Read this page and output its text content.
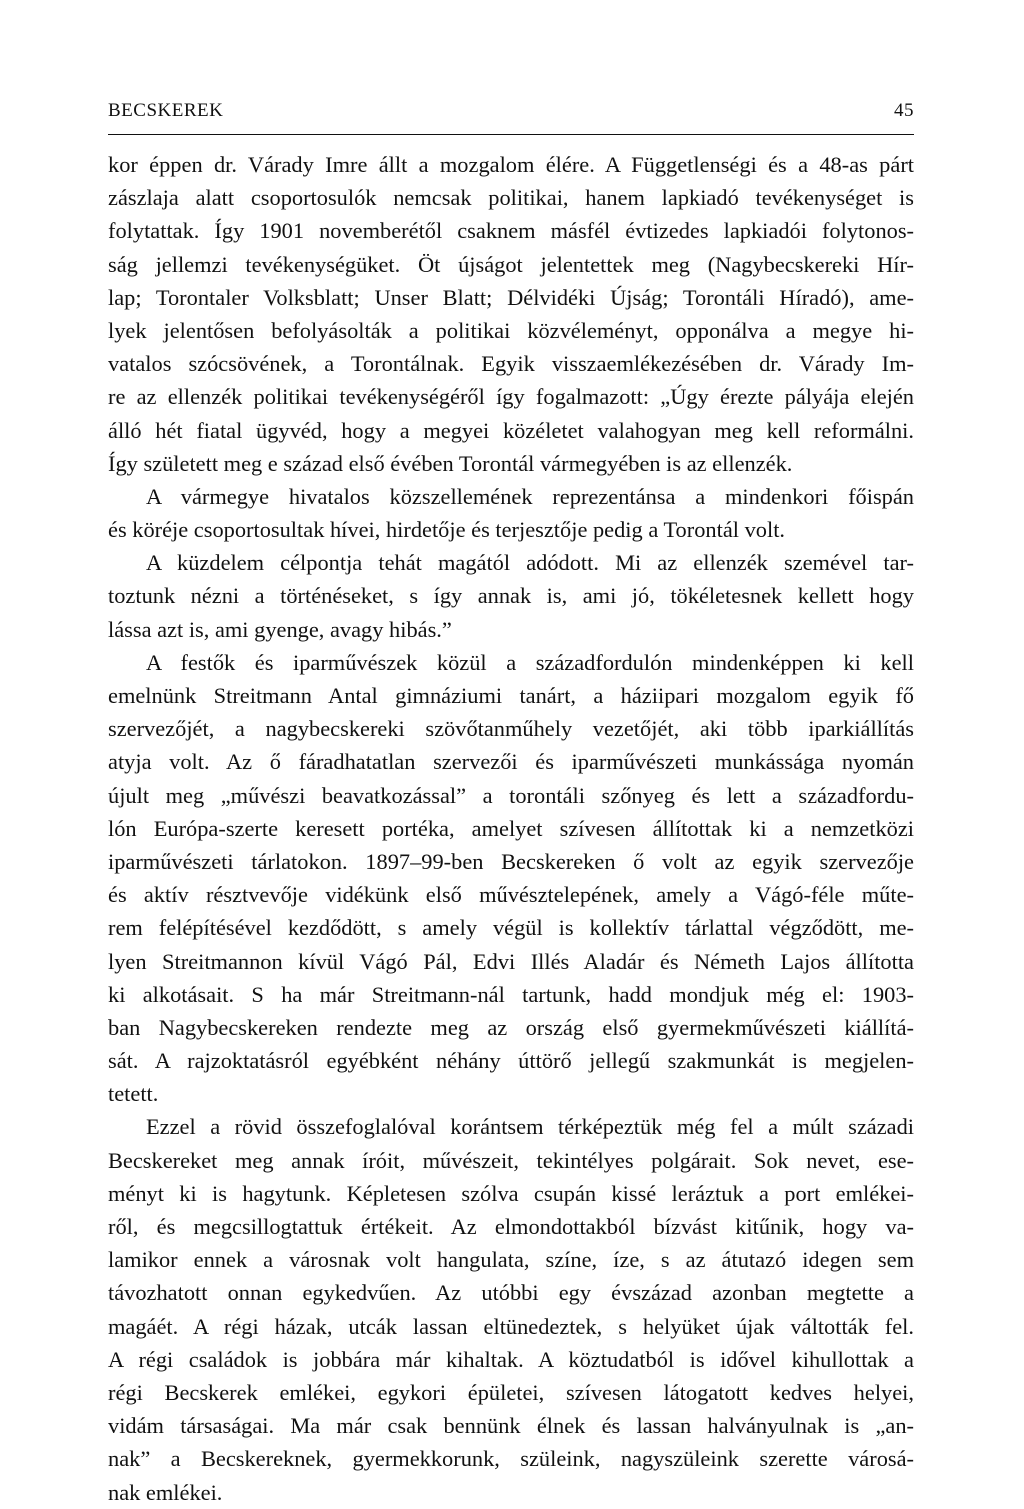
BECSKEREK	45
kor éppen dr. Várady Imre állt a mozgalom élére. A Függetlenségi és a 48-as párt
zászlaja alatt csoportosulók nemcsak politikai, hanem lapkiadó tevékenységet is
folytattak. Így 1901 novemberétől csaknem másfél évtizedes lapkiadói folytonos-
ság jellemzi tevékenységüket. Öt újságot jelentettek meg (Nagybecskereki Hír-
lap; Torontaler Volksblatt; Unser Blatt; Délvidéki Újság; Torontáli Híradó), ame-
lyek jelentősen befolyásolták a politikai közvéleményt, opponálva a megye hi-
vatalos szócsövének, a Torontálnak. Egyik visszaemlékezésében dr. Várady Im-
re az ellenzék politikai tevékenységéről így fogalmazott: „Úgy érezte pályája elején
álló hét fiatal ügyvéd, hogy a megyei közéletet valahogyan meg kell reformálni.
Így született meg e század első évében Torontál vármegyében is az ellenzék.
A vármegye hivatalos közszellemének reprezentánsa a mindenkori főispán
és köréje csoportosultak hívei, hirdetője és terjesztője pedig a Torontál volt.
A küzdelem célpontja tehát magától adódott. Mi az ellenzék szemével tar-
toztunk nézni a történéseket, s így annak is, ami jó, tökéletesnek kellett hogy
lássa azt is, ami gyenge, avagy hibás.”
A festők és iparművészek közül a századfordulón mindenképpen ki kell
emelnünk Streitmann Antal gimnáziumi tanárt, a háziipari mozgalom egyik fő
szervezőjét, a nagybecskereki szövőtanműhely vezetőjét, aki több iparkiállítás
atyja volt. Az ő fáradhatatlan szervezői és iparművészeti munkássága nyomán
újult meg „művészi beavatkozással” a torontáli szőnyeg és lett a századfordu-
lón Európa-szerte keresett portéka, amelyet szívesen állítottak ki a nemzetközi
iparművészeti tárlatokon. 1897–99-ben Becskereken ő volt az egyik szervezője
és aktív résztvevője vidékünk első művésztelepének, amely a Vágó-féle műte-
rem felépítésével kezdődött, s amely végül is kollektív tárlattal végződött, me-
lyen Streitmannon kívül Vágó Pál, Edvi Illés Aladár és Németh Lajos állította
ki alkotásait. S ha már Streitmann-nál tartunk, hadd mondjuk még el: 1903-
ban Nagybecskereken rendezte meg az ország első gyermekművészeti kiállítá-
sát. A rajzoktatásról egyébként néhány úttörő jellegű szakmunkát is megjelen-
tetett.
Ezzel a rövid összefoglalóval korántsem térképeztük még fel a múlt századi
Becskereket meg annak íróit, művészeit, tekintélyes polgárait. Sok nevet, ese-
ményt ki is hagytunk. Képletesen szólva csupán kissé leráztuk a port emlékei-
ről, és megcsillogtattuk értékeit. Az elmondottakból bízvást kitűnik, hogy va-
lamikor ennek a városnak volt hangulata, színe, íze, s az átutazó idegen sem
távozhatott onnan egykedvűen. Az utóbbi egy évszázad azonban megtette a
magáét. A régi házak, utcák lassan eltünedeztek, s helyüket újak váltották fel.
A régi családok is jobbára már kihaltak. A köztudatból is idővel kihullottak a
régi Becskerek emlékei, egykori épületei, szívesen látogatott kedves helyei,
vidám társaságai. Ma már csak bennünk élnek és lassan halványulnak is „an-
nak” a Becskereknek, gyermekkorunk, szüleink, nagyszüleink szerette városá-
nak emlékei.
